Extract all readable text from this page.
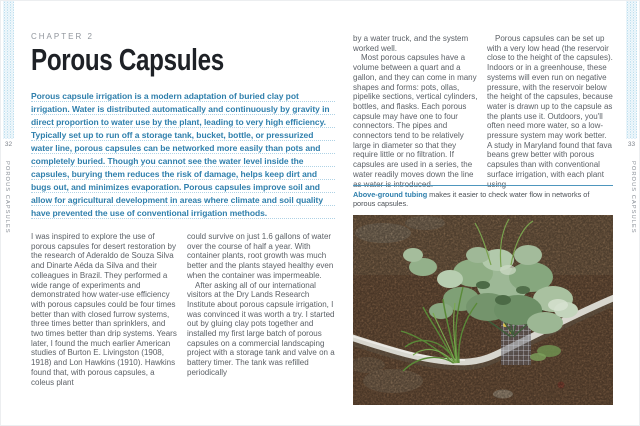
32	33
POROUS CAPSULES	POROUS CAPSULES
CHAPTER 2
Porous Capsules
Porous capsule irrigation is a modern adaptation of buried clay pot irrigation. Water is distributed automatically and continuously by gravity in direct proportion to water use by the plant, leading to very high efficiency. Typically set up to run off a storage tank, bucket, bottle, or pressurized water line, porous capsules can be networked more easily than pots and completely buried. Though you cannot see the water level inside the capsules, burying them reduces the risk of damage, helps keep dirt and bugs out, and minimizes evaporation. Porous capsules improve soil and allow for agricultural development in areas where climate and soil quality have prevented the use of conventional irrigation methods.

I was inspired to explore the use of porous capsules for desert restoration by the research of Aderaldo de Souza Silva and Dinarte Aéda da Silva and their colleagues in Brazil. They performed a wide range of experiments and demonstrated how water-use efficiency with porous capsules could be four times better than with closed furrow systems, three times better than sprinklers, and two times better than drip systems. Years later, I found the much earlier American studies of Burton E. Livingston (1908, 1918) and Lon Hawkins (1910). Hawkins found that, with porous capsules, a coleus plant

could survive on just 1.6 gallons of water over the course of half a year. With container plants, root growth was much better and the plants stayed healthy even when the container was impermeable.

After asking all of our international visitors at the Dry Lands Research Institute about porous capsule irrigation, I was convinced it was worth a try. I started out by gluing clay pots together and installed my first large batch of porous capsules on a commercial landscaping project with a storage tank and valve on a battery timer. The tank was refilled periodically

by a water truck, and the system worked well.

Most porous capsules have a volume between a quart and a gallon, and they can come in many shapes and forms: pots, ollas, pipelike sections, vertical cylinders, bottles, and flasks. Each porous capsule may have one to four connectors. The pipes and connectors tend to be relatively large in diameter so that they require little or no filtration. If capsules are used in a series, the water readily moves down the line as water is introduced.

Porous capsules can be set up with a very low head (the reservoir close to the height of the capsules). Indoors or in a greenhouse, these systems will even run on negative pressure, with the reservoir below the height of the capsules, because water is drawn up to the capsule as the plants use it. Outdoors, you'll often need more water, so a low-pressure system may work better. A study in Maryland found that fava beans grew better with porous capsules than with conventional surface irrigation, with each plant using

Above-ground tubing makes it easier to check water flow in networks of porous capsules.
